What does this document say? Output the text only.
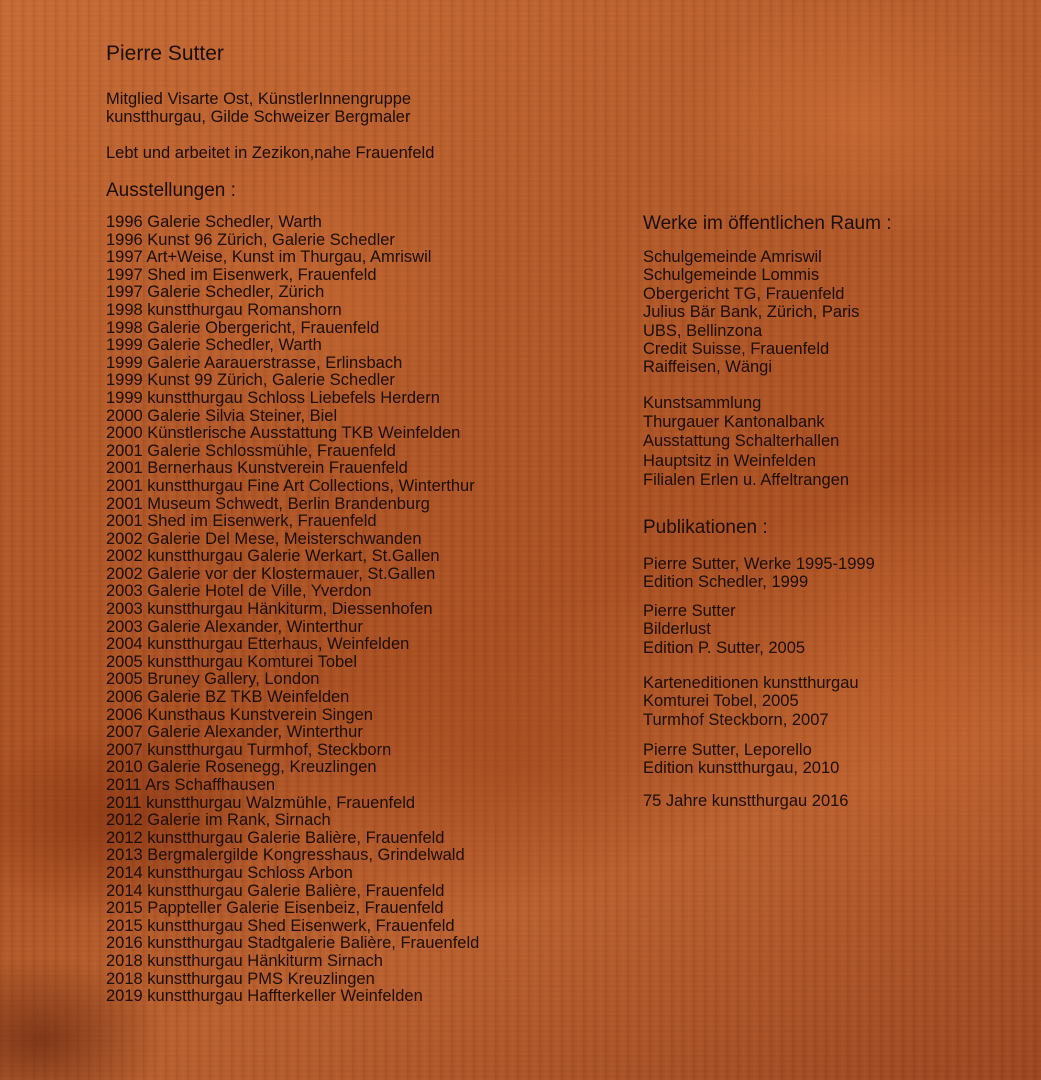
Pierre Sutter
Mitglied Visarte Ost, KünstlerInnengruppe
kunstthurgau, Gilde Schweizer Bergmaler
Lebt und arbeitet in Zezikon,nahe Frauenfeld
Ausstellungen :
1996 Galerie Schedler, Warth
1996 Kunst 96 Zürich, Galerie Schedler
1997 Art+Weise, Kunst im Thurgau, Amriswil
1997 Shed im Eisenwerk, Frauenfeld
1997 Galerie Schedler, Zürich
1998 kunstthurgau Romanshorn
1998 Galerie Obergericht, Frauenfeld
1999 Galerie Schedler, Warth
1999 Galerie Aarauerstrasse, Erlinsbach
1999 Kunst 99 Zürich, Galerie Schedler
1999 kunstthurgau Schloss Liebefels Herdern
2000 Galerie Silvia Steiner, Biel
2000 Künstlerische Ausstattung TKB Weinfelden
2001 Galerie Schlossmühle, Frauenfeld
2001 Bernerhaus Kunstverein Frauenfeld
2001 kunstthurgau Fine Art Collections, Winterthur
2001 Museum Schwedt, Berlin Brandenburg
2001 Shed im Eisenwerk, Frauenfeld
2002 Galerie Del Mese, Meisterschwanden
2002 kunstthurgau Galerie Werkart, St.Gallen
2002 Galerie vor der Klostermauer, St.Gallen
2003 Galerie Hotel de Ville, Yverdon
2003 kunstthurgau Hänkiturm, Diessenhofen
2003 Galerie Alexander, Winterthur
2004 kunstthurgau Etterhaus, Weinfelden
2005 kunstthurgau Komturei Tobel
2005 Bruney Gallery, London
2006 Galerie BZ TKB Weinfelden
2006 Kunsthaus Kunstverein Singen
2007 Galerie Alexander, Winterthur
2007 kunstthurgau Turmhof, Steckborn
2010 Galerie Rosenegg, Kreuzlingen
2011 Ars Schaffhausen
2011 kunstthurgau Walzmühle, Frauenfeld
2012 Galerie im Rank, Sirnach
2012 kunstthurgau Galerie Balière, Frauenfeld
2013 Bergmalergilde Kongresshaus, Grindelwald
2014 kunstthurgau Schloss Arbon
2014 kunstthurgau Galerie Balière, Frauenfeld
2015 Pappteller Galerie Eisenbeiz, Frauenfeld
2015 kunstthurgau Shed Eisenwerk, Frauenfeld
2016 kunstthurgau Stadtgalerie Balière, Frauenfeld
2018 kunstthurgau Hänkiturm Sirnach
2018 kunstthurgau PMS Kreuzlingen
2019 kunstthurgau Haffterkeller Weinfelden
Werke im öffentlichen Raum :
Schulgemeinde Amriswil
Schulgemeinde Lommis
Obergericht TG, Frauenfeld
Julius Bär Bank, Zürich, Paris
UBS, Bellinzona
Credit Suisse, Frauenfeld
Raiffeisen, Wängi
Kunstsammlung
Thurgauer Kantonalbank
Ausstattung Schalterhallen
Hauptsitz in Weinfelden
Filialen Erlen u. Affeltrangen
Publikationen :
Pierre Sutter, Werke 1995-1999
Edition Schedler, 1999
Pierre Sutter
Bilderlust
Edition P. Sutter, 2005
Karteneditionen kunstthurgau
Komturei Tobel, 2005
Turmhof Steckborn, 2007
Pierre Sutter, Leporello
Edition kunstthurgau, 2010
75 Jahre kunstthurgau 2016
